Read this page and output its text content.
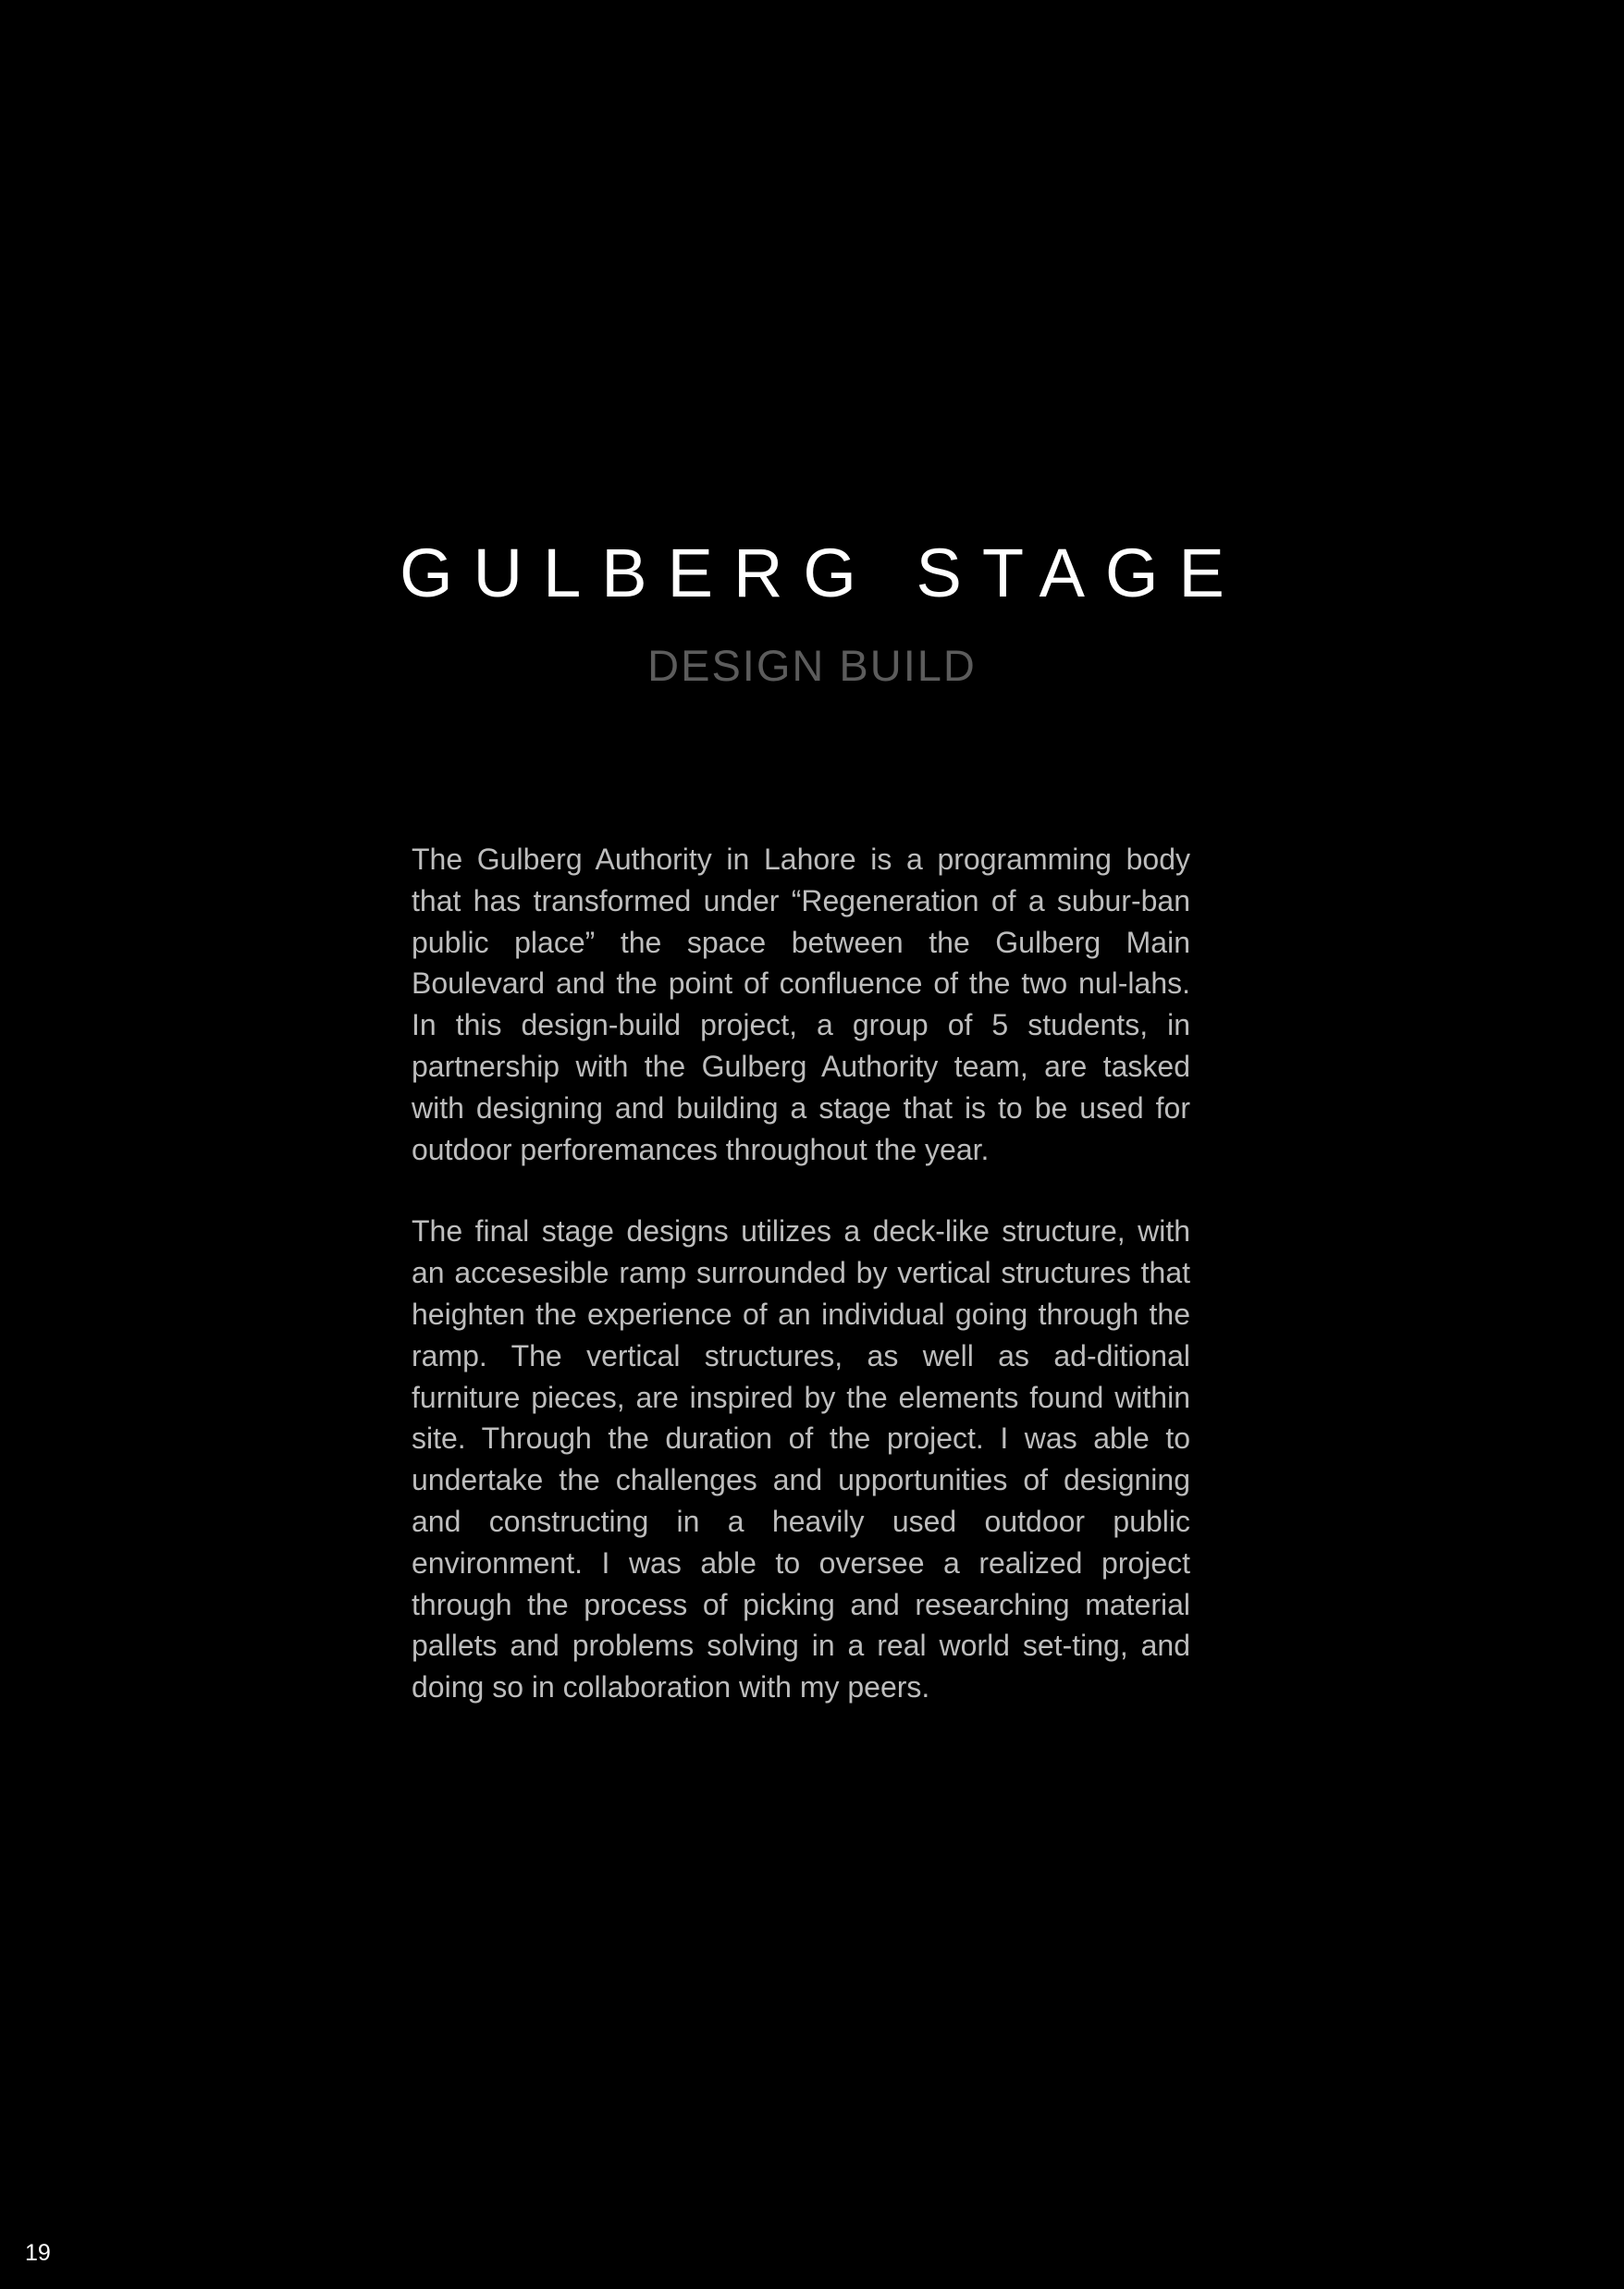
GULBERG STAGE
DESIGN BUILD

The Gulberg Authority in Lahore is a programming body that has transformed under “Regeneration of a subur-ban public place” the space between the Gulberg Main Boulevard and the point of confluence of the two nul-lahs. In this design-build project, a group of 5 students, in partnership with the Gulberg Authority team, are tasked with designing and building a stage that is to be used for outdoor perforemances throughout the year.

The final stage designs utilizes a deck-like structure, with an accesesible ramp surrounded by vertical structures that heighten the experience of an individual going through the ramp. The vertical structures, as well as ad-ditional furniture pieces, are inspired by the elements found within site. Through the duration of the project. I was able to undertake the challenges and upportunities of designing and constructing in a heavily used outdoor public environment. I was able to oversee a realized project through the process of picking and researching material pallets and problems solving in a real world set-ting, and doing so in collaboration with my peers.

19
